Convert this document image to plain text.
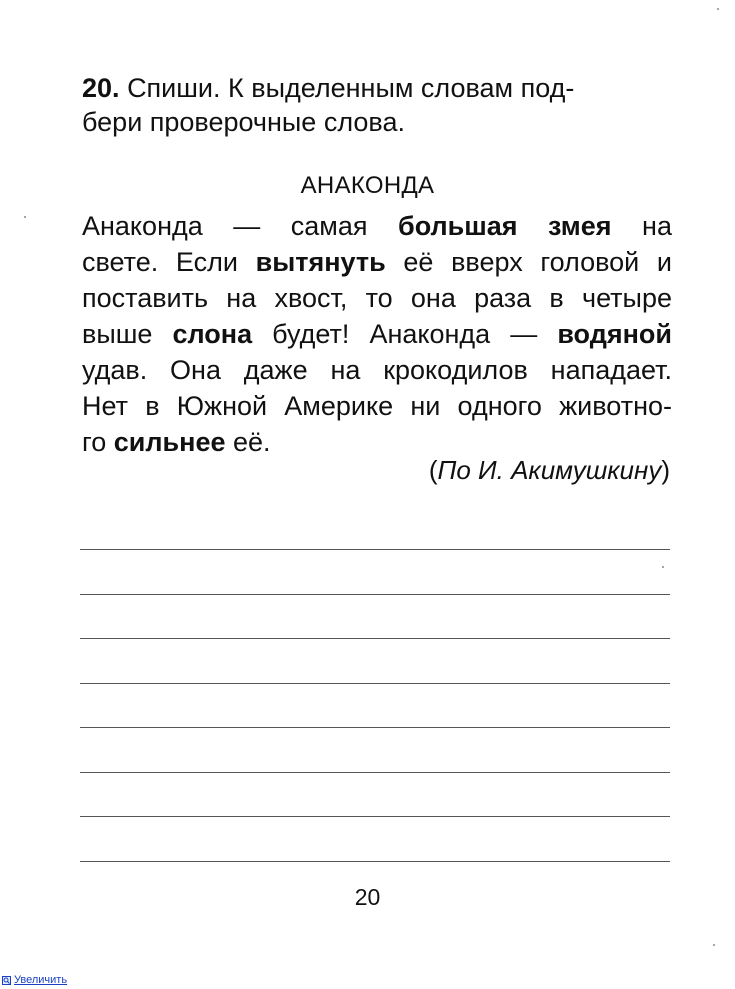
20. Спиши. К выделенным словам под-
бери проверочные слова.
АНАКОНДА
Анаконда — самая большая змея на
свете. Если вытянуть её вверх головой и
поставить на хвост, то она раза в четыре
выше слона будет! Анаконда — водяной
удав. Она даже на крокодилов нападает.
Нет в Южной Америке ни одного животно-
го сильнее её.
(По И. Акимушкину)
20
Увеличить
